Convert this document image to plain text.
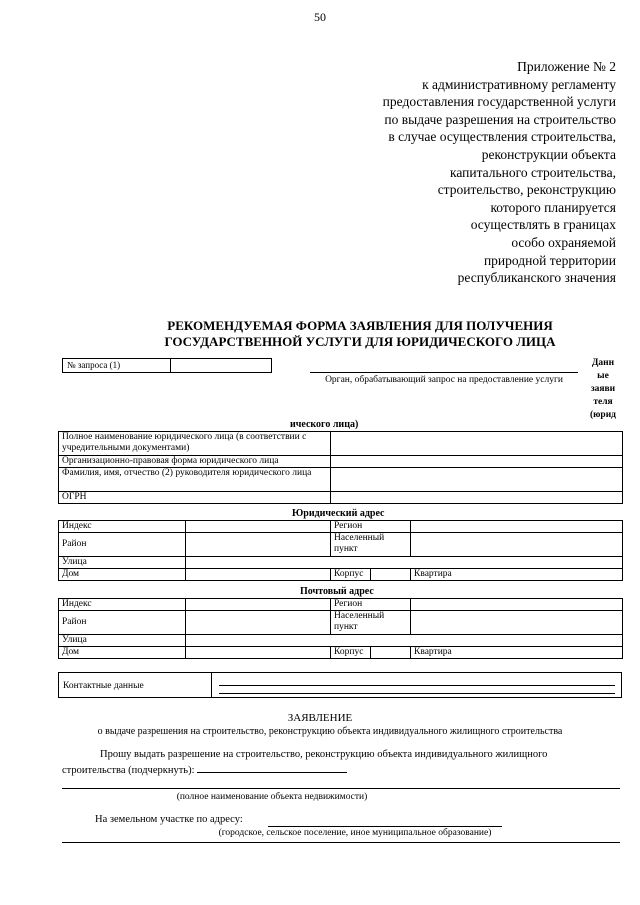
50
Приложение № 2
к административному регламенту
предоставления государственной услуги
по выдаче разрешения на строительство
в случае осуществления строительства,
реконструкции объекта
капитального строительства,
строительство, реконструкцию
которого планируется
осуществлять в границах
особо охраняемой
природной территории
республиканского значения
РЕКОМЕНДУЕМАЯ ФОРМА ЗАЯВЛЕНИЯ ДЛЯ ПОЛУЧЕНИЯ
ГОСУДАРСТВЕННОЙ УСЛУГИ ДЛЯ ЮРИДИЧЕСКОГО ЛИЦА
№ запроса (1)
Орган, обрабатывающий запрос на предоставление услуги
Данн
ые
заяви
теля
(юрид
ического лица)
Полное наименование юридического лица (в соответствии с учредительными документами)	
Организационно-правовая форма юридического лица	
Фамилия, имя, отчество (2) руководителя юридического лица	
ОГРН	
Юридический адрес
Индекс		Регион		
Район		Населенный пункт		
Улица				
Дом		Корпус		Квартира
Почтовый адрес
Индекс		Регион		
Район		Населенный пункт		
Улица				
Дом		Корпус		Квартира
Контактные данные
ЗАЯВЛЕНИЕ
о выдаче разрешения на строительство, реконструкцию объекта индивидуального жилищного строительства
Прошу выдать разрешение на строительство, реконструкцию объекта индивидуального жилищного
строительства (подчеркнуть):
(полное наименование объекта недвижимости)
На земельном участке по адресу:
(городское, сельское поселение, иное муниципальное образование)
